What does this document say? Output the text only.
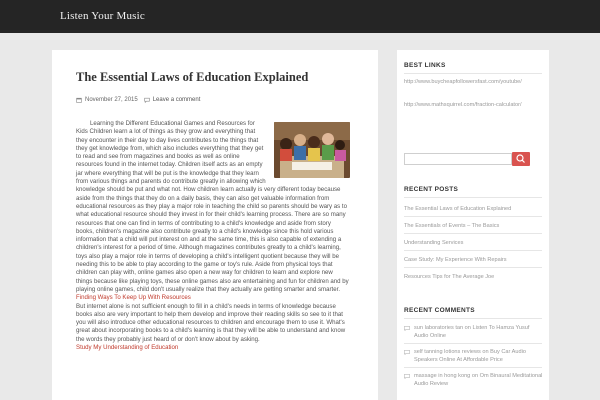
Listen Your Music
The Essential Laws of Education Explained
November 27, 2015	Leave a comment

Learning the Different Educational Games and Resources for Kids Children learn a lot of things as they grow and everything that they encounter in their day to day lives contributes to the things that they get knowledge from, which also includes everything that they get to read and see from magazines and books as well as online resources found in the internet today. Children itself acts as an empty jar where everything that will be put is the knowledge that they learn from various things and parents do contribute greatly in allowing which knowledge should be put and what not. How children learn actually is very different today because aside from the things that they do on a daily basis, they can also get valuable information from educational resources as they play a major role in teaching the child so parents should be wary as to what educational resource should they invest in for their child's learning process. There are so many resources that one can find in terms of contributing to a child's knowledge and aside from story books, children's magazine also contribute greatly to a child's knowledge since this hold various information that a child will put interest on and at the same time, this is also capable of extending a children's interest for a period of time. Although magazines contributes greatly to a child's learning, toys also play a major role in terms of developing a child's intelligent quotient because they will be needing this to be able to play according to the game or toy's rule. Aside from physical toys that children can play with, online games also open a new way for children to learn and explore new things because like playing toys, these online games also are entertaining and fun for children and by playing online games, child don't usually realize that they actually are getting smarter and smarter.

Finding Ways To Keep Up With Resources

But internet alone is not sufficient enough to fill in a child's needs in terms of knowledge because books also are very important to help them develop and improve their reading skills so see to it that you will also introduce other educational resources to children and encourage them to use it. What's great about incorporating books to a child's learning is that they will be able to understand and know the words they probably just heard of or don't know about by asking.

Study My Understanding of Education
BEST LINKS
http://www.buycheapfollowersfast.com/youtube/
http://www.mathsquirrel.com/fraction-calculator/
RECENT POSTS
The Essential Laws of Education Explained
The Essentials of Events – The Basics
Understanding Services
Case Study: My Experience With Repairs
Resources Tips for The Average Joe
RECENT COMMENTS
sun laboratories tan on Listen To Hamza Yusuf Audio Online
self tanning lotions reviews on Buy Car Audio Speakers Online At Affordable Price
massage in hong kong on Om Binaural Meditational Audio Review
